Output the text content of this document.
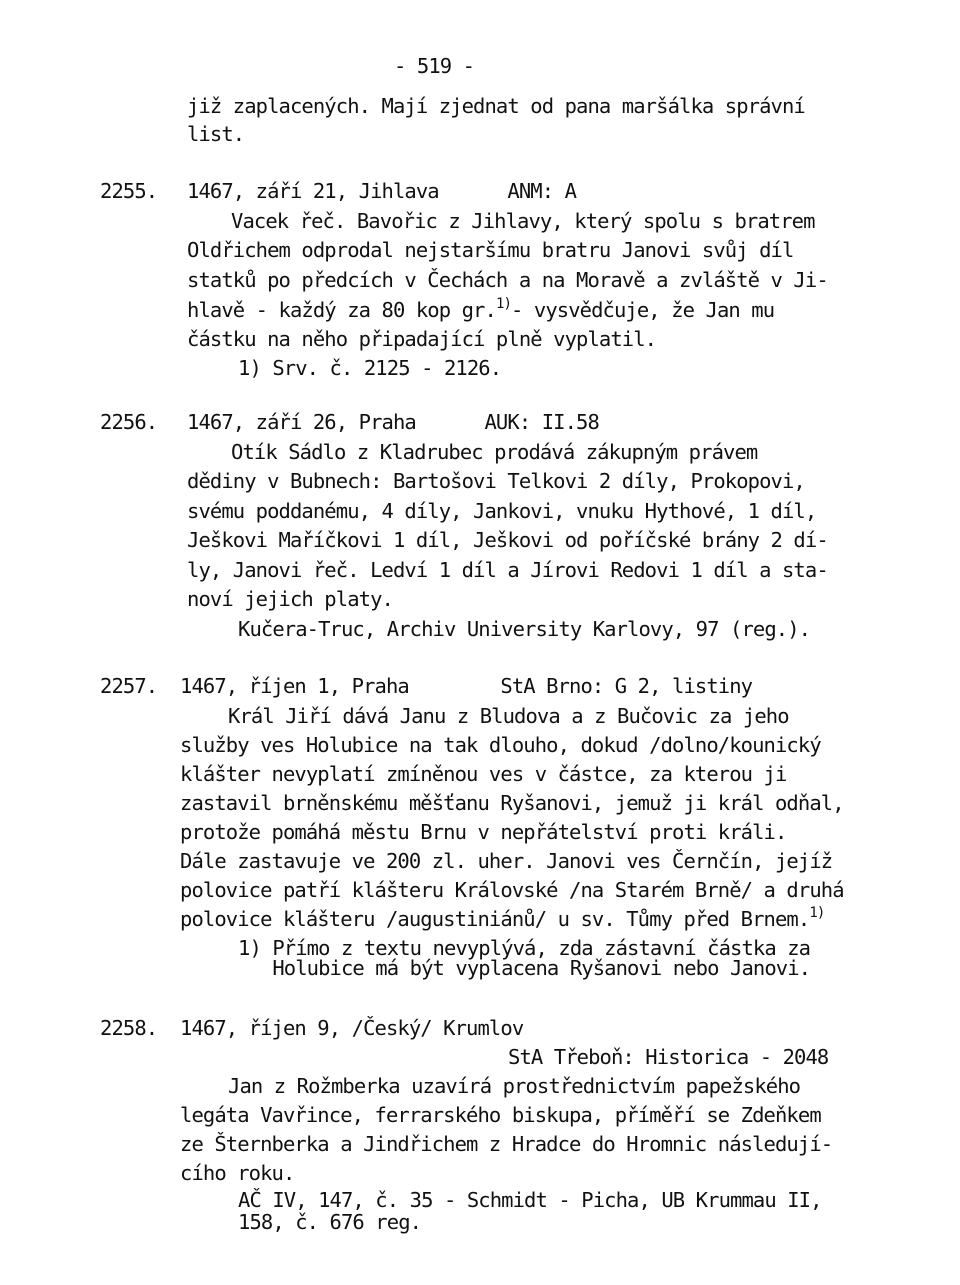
- 519 -
již zaplacených. Mají zjednat od pana maršálka správní
list.
2255. 1467, září 21, Jihlava      ANM: A
Vacek řeč. Bavořic z Jihlavy, který spolu s bratrem
Oldřichem odprodal nejstaršímu bratru Janovi svůj díl
statků po předcích v Čechách a na Moravě a zvláště v Ji-
hlavě - každý za 80 kop gr.$^{1)}$- vysvědčuje, že Jan mu
částku na něho připadající plně vyplatil.
1) Srv. č. 2125 - 2126.
2256. 1467, září 26, Praha      AUK: II.58
Otík Sádlo z Kladrubec prodává zákupným právem
dědiny v Bubnech: Bartošovi Telkovi 2 díly, Prokopovi,
svému poddanému, 4 díly, Jankovi, vnuku Hythové, 1 díl,
Ješkovi Maříčkovi 1 díl, Ješkovi od poříčské brány 2 dí-
ly, Janovi řeč. Ledví 1 díl a Jírovi Redovi 1 díl a sta-
noví jejich platy.
Kučera-Truc, Archiv University Karlovy, 97 (reg.).
2257. 1467, říjen 1, Praha        StA Brno: G 2, listiny
Král Jiří dává Janu z Bludova a z Bučovic za jeho
služby ves Holubice na tak dlouho, dokud /dolno/kounický
klášter nevyplatí zmíněnou ves v částce, za kterou ji
zastavil brněnskému měšťanu Ryšanovi, jemuž ji král odňal,
protože pomáhá městu Brnu v nepřátelství proti králi.
Dále zastavuje ve 200 zl. uher. Janovi ves Černčín, jejíž
polovice patří klášteru Královské /na Starém Brně/ a druhá
polovice klášteru /augustiniánů/ u sv. Tůmy před Brnem.$^{1)}$
1) Přímo z textu nevyplývá, zda zástavní částka za
Holubice má být vyplacena Ryšanovi nebo Janovi.
2258. 1467, říjen 9, /Český/ Krumlov
StA Třeboň: Historica - 2048
Jan z Rožmberka uzavírá prostřednictvím papežského
legáta Vavřince, ferrarského biskupa, příměří se Zdeňkem
ze Šternberka a Jindřichem z Hradce do Hromnic následují-
cího roku.
AČ IV, 147, č. 35 - Schmidt - Picha, UB Krummau II,
158, č. 676 reg.
